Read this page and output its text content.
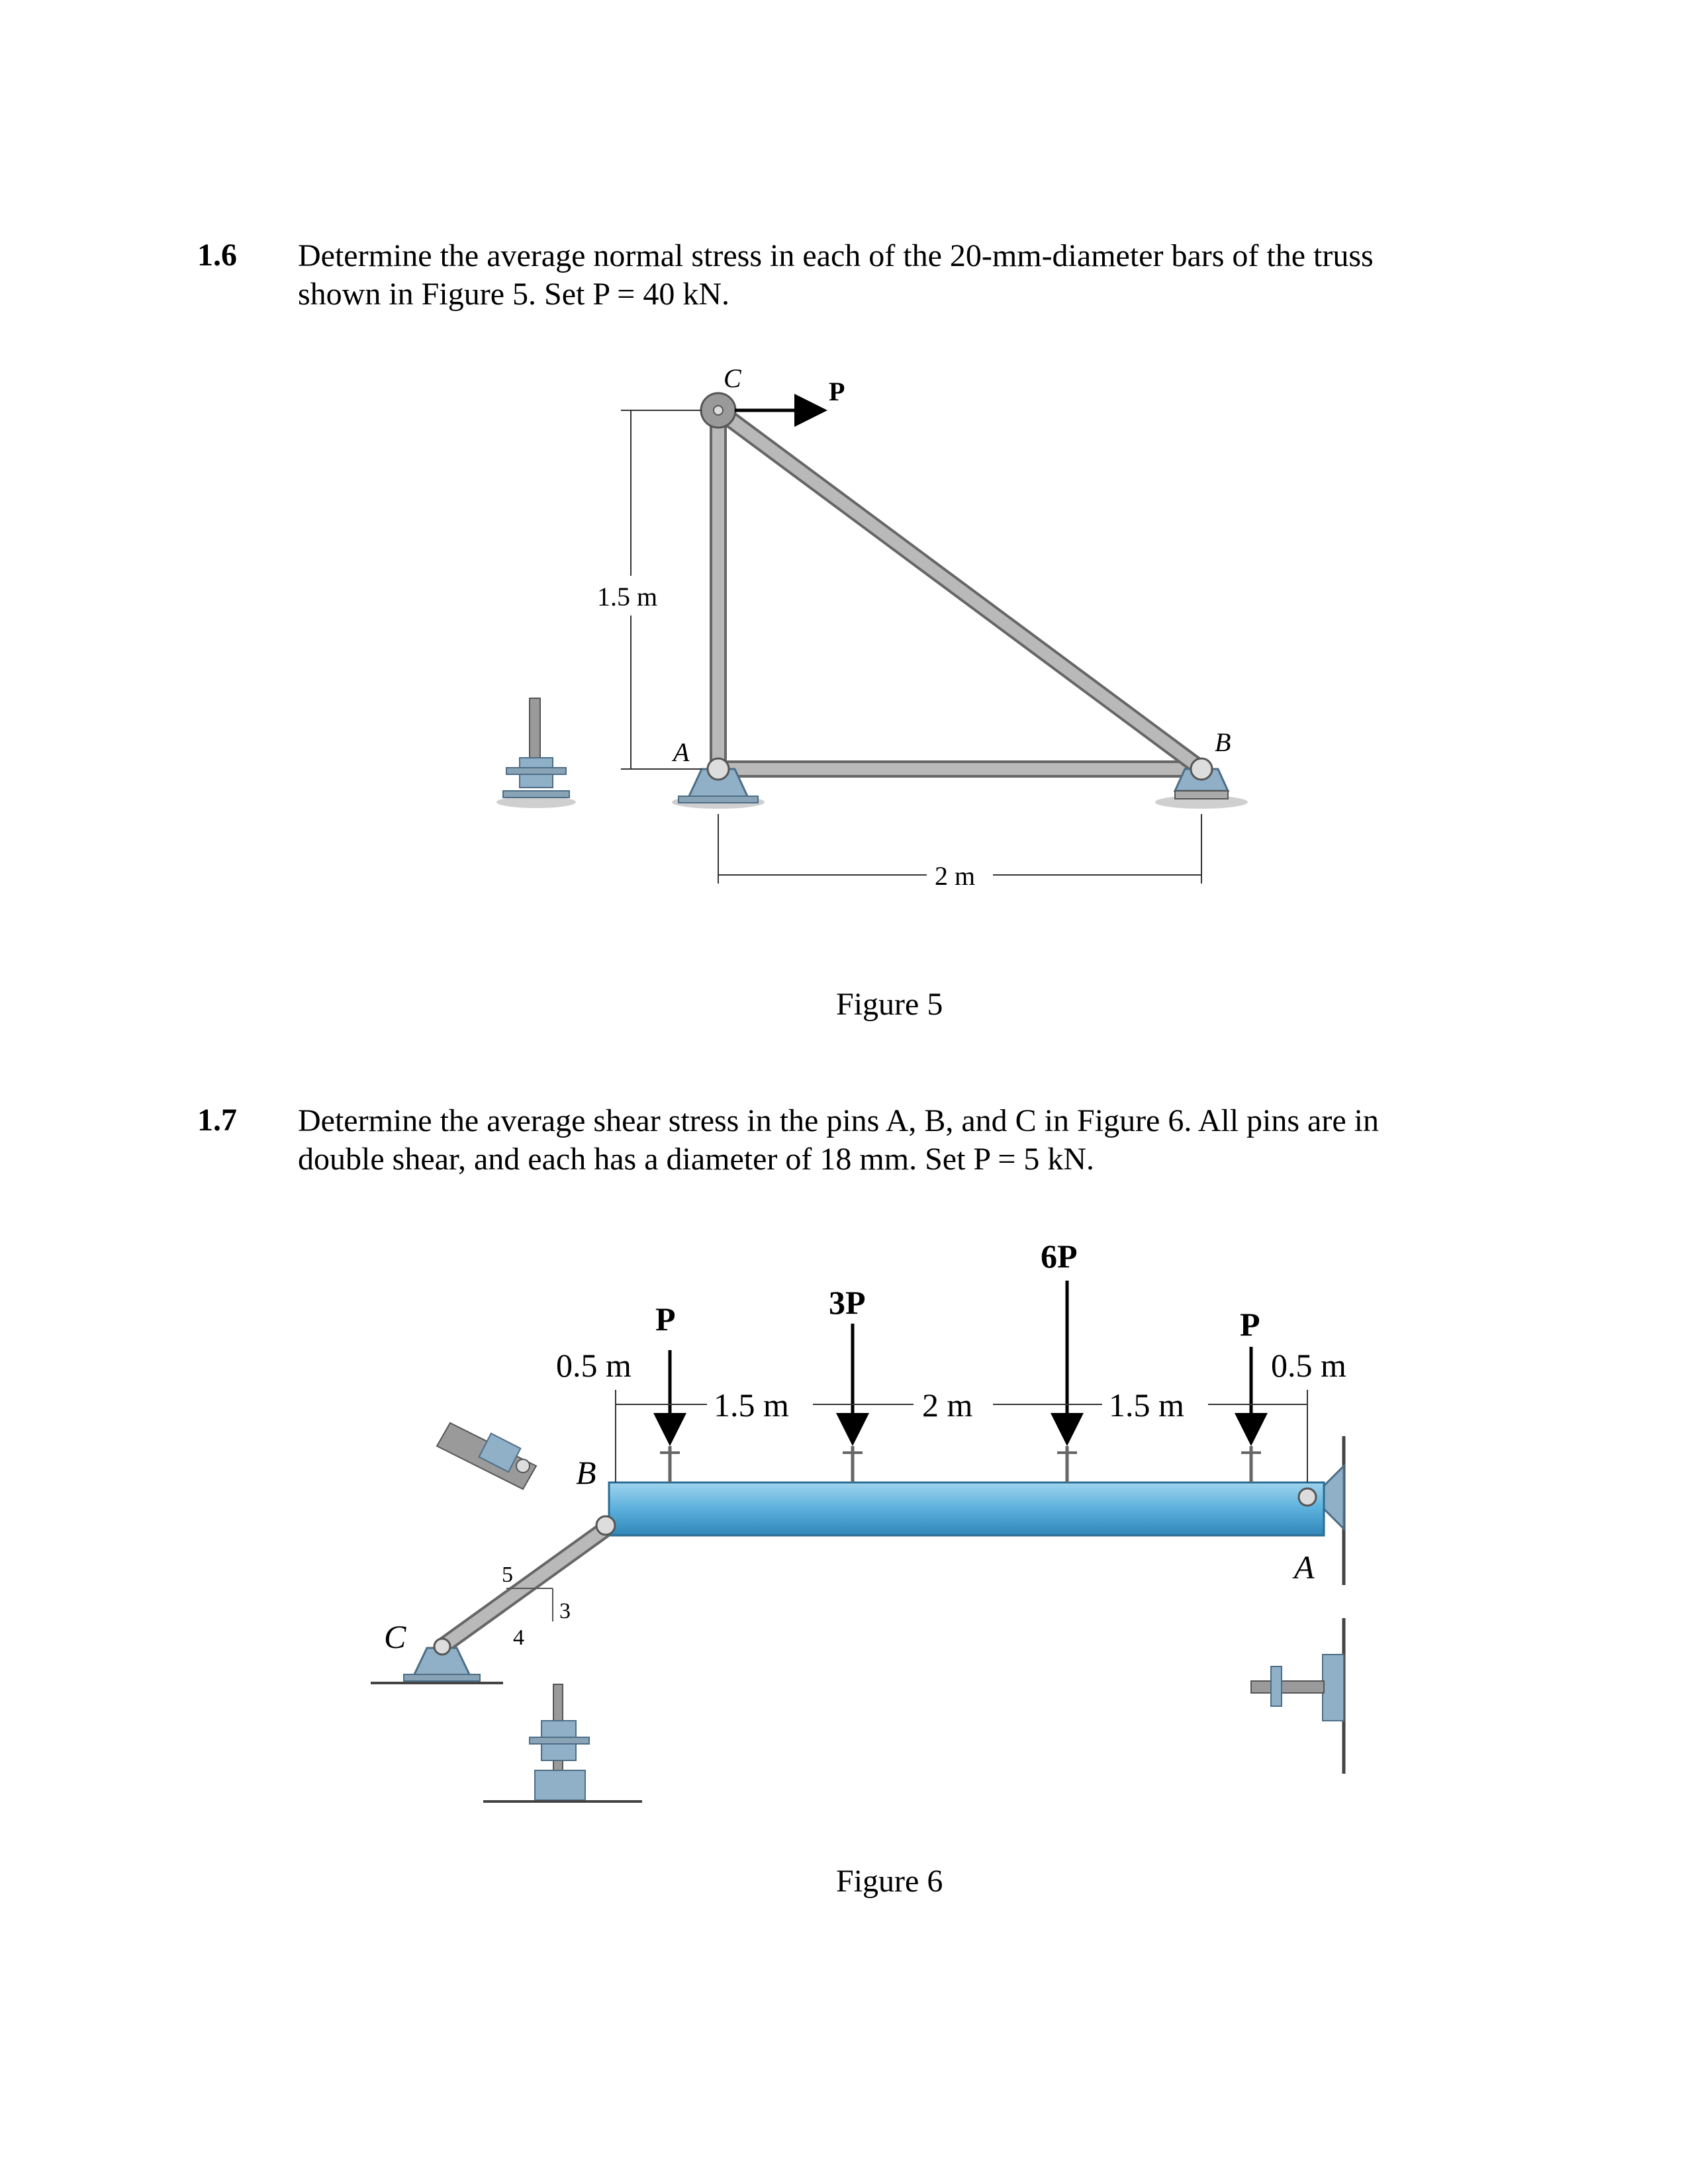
1.6 Determine the average normal stress in each of the 20-mm-diameter bars of the truss
shown in Figure 5. Set P = 40 kN.
1.7 Determine the average shear stress in the pins A, B, and C in Figure 6. All pins are in
double shear, and each has a diameter of 18 mm. Set P = 5 kN.
C	P
A	B
1.5 m
2 m
Figure 5
P	3P
6P
P
0.5 m
1.5 m	2 m	1.5 m
0.5 m
B
A
C
5
3
4
Figure 6
